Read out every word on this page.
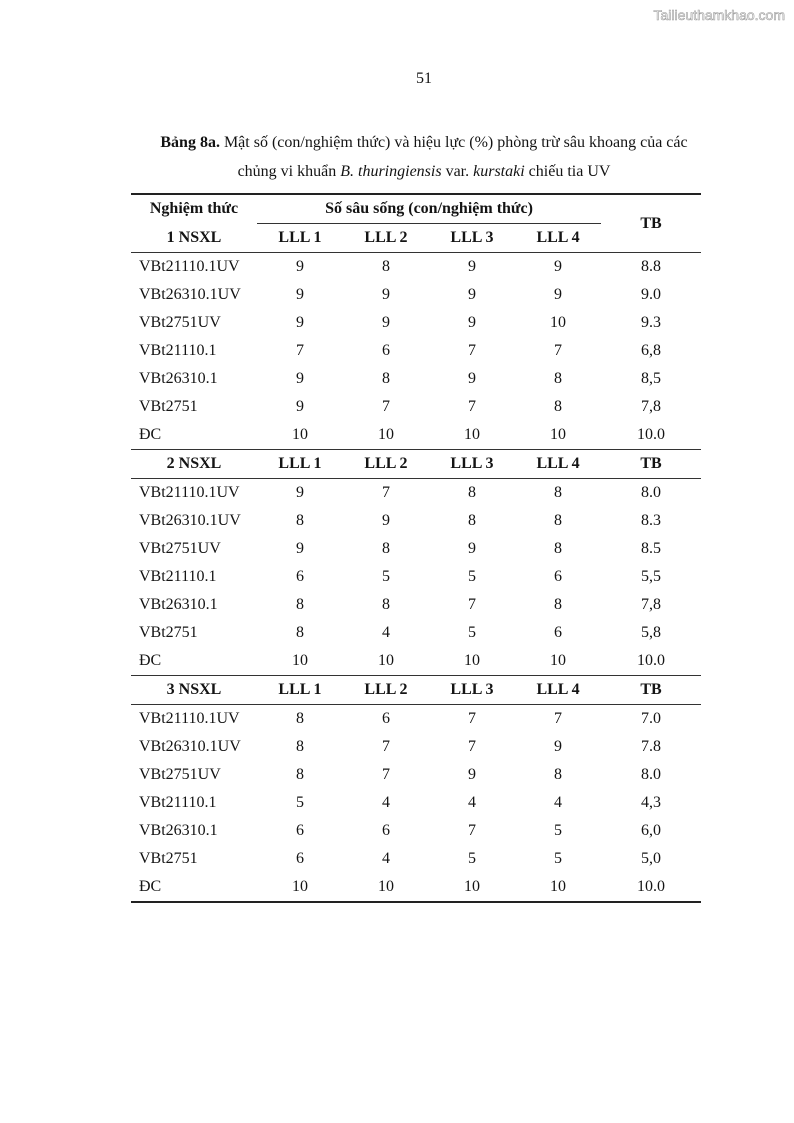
Tailieuthamkhao.com
51
Bảng 8a. Mật số (con/nghiệm thức) và hiệu lực (%) phòng trừ sâu khoang của các
chủng vi khuẩn B. thuringiensis var. kurstaki chiếu tia UV
Nghiệm thức	Số sâu sống (con/nghiệm thức)				TB
1 NSXL	LLL 1	LLL 2	LLL 3	LLL 4	
VBt21110.1UV	9	8	9	9	8.8
VBt26310.1UV	9	9	9	9	9.0
VBt2751UV	9	9	9	10	9.3
VBt21110.1	7	6	7	7	6,8
VBt26310.1	9	8	9	8	8,5
VBt2751	9	7	7	8	7,8
ĐC	10	10	10	10	10.0
2 NSXL	LLL 1	LLL 2	LLL 3	LLL 4	TB
VBt21110.1UV	9	7	8	8	8.0
VBt26310.1UV	8	9	8	8	8.3
VBt2751UV	9	8	9	8	8.5
VBt21110.1	6	5	5	6	5,5
VBt26310.1	8	8	7	8	7,8
VBt2751	8	4	5	6	5,8
ĐC	10	10	10	10	10.0
3 NSXL	LLL 1	LLL 2	LLL 3	LLL 4	TB
VBt21110.1UV	8	6	7	7	7.0
VBt26310.1UV	8	7	7	9	7.8
VBt2751UV	8	7	9	8	8.0
VBt21110.1	5	4	4	4	4,3
VBt26310.1	6	6	7	5	6,0
VBt2751	6	4	5	5	5,0
ĐC	10	10	10	10	10.0
